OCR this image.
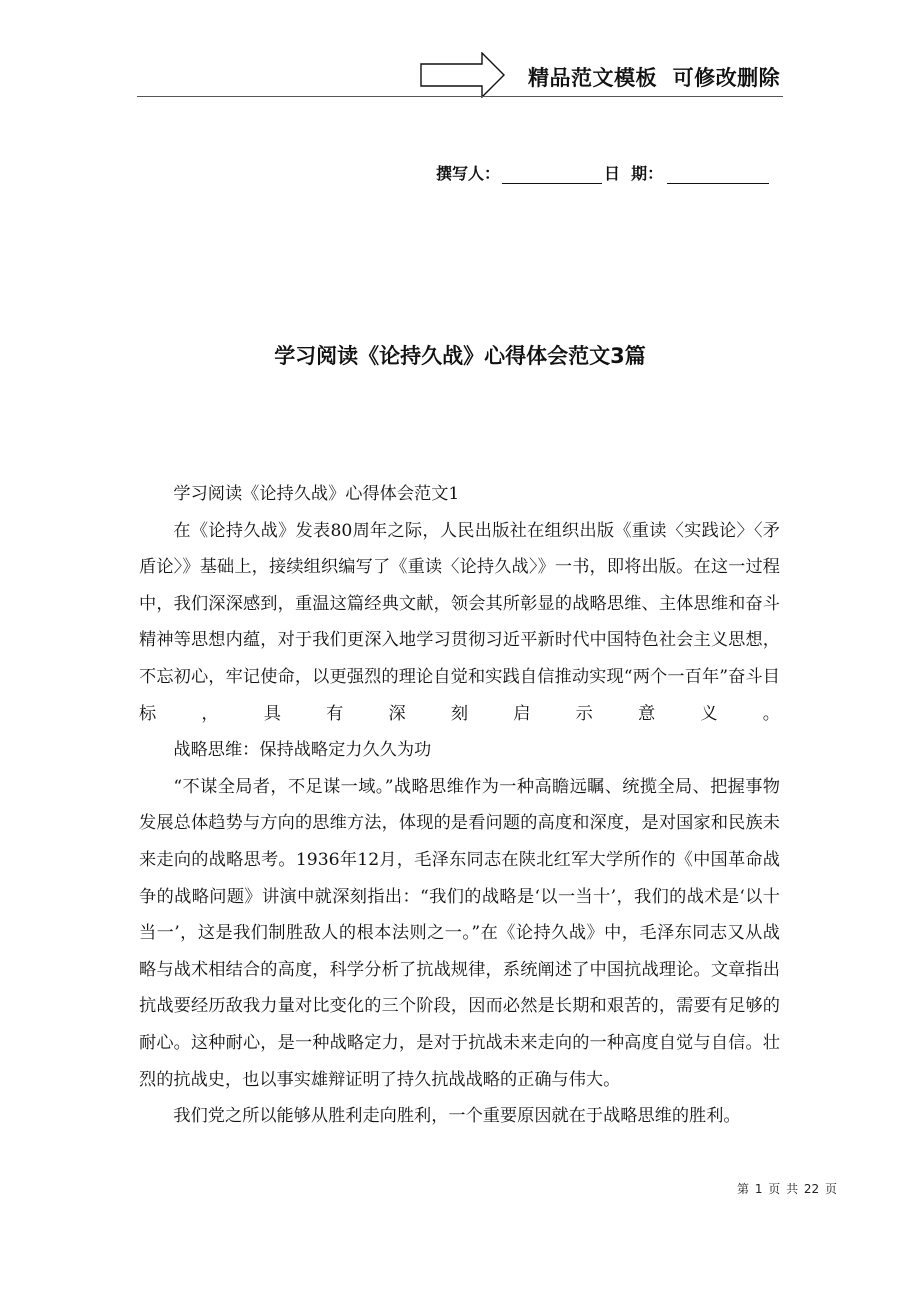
精品范文模板  可修改删除
撰写人：	日  期：
学习阅读《论持久战》心得体会范文3篇

学习阅读《论持久战》心得体会范文1

在《论持久战》发表80周年之际，人民出版社在组织出版《重读〈实践论〉〈矛盾论〉》基础上，接续组织编写了《重读〈论持久战〉》一书，即将出版。在这一过程中，我们深深感到，重温这篇经典文献，领会其所彰显的战略思维、主体思维和奋斗精神等思想内蕴，对于我们更深入地学习贯彻习近平新时代中国特色社会主义思想，不忘初心，牢记使命，以更强烈的理论自觉和实践自信推动实现“两个一百年”奋斗目标，具有深刻启示意义。

战略思维：保持战略定力久久为功

“不谋全局者，不足谋一域。”战略思维作为一种高瞻远瞩、统揽全局、把握事物发展总体趋势与方向的思维方法，体现的是看问题的高度和深度，是对国家和民族未来走向的战略思考。1936年12月，毛泽东同志在陕北红军大学所作的《中国革命战争的战略问题》讲演中就深刻指出：“我们的战略是‘以一当十’，我们的战术是‘以十当一’，这是我们制胜敌人的根本法则之一。”在《论持久战》中，毛泽东同志又从战略与战术相结合的高度，科学分析了抗战规律，系统阐述了中国抗战理论。文章指出抗战要经历敌我力量对比变化的三个阶段，因而必然是长期和艰苦的，需要有足够的耐心。这种耐心，是一种战略定力，是对于抗战未来走向的一种高度自觉与自信。壮烈的抗战史，也以事实雄辩证明了持久抗战战略的正确与伟大。

我们党之所以能够从胜利走向胜利，一个重要原因就在于战略思维的胜利。

第 1 页 共 22 页
